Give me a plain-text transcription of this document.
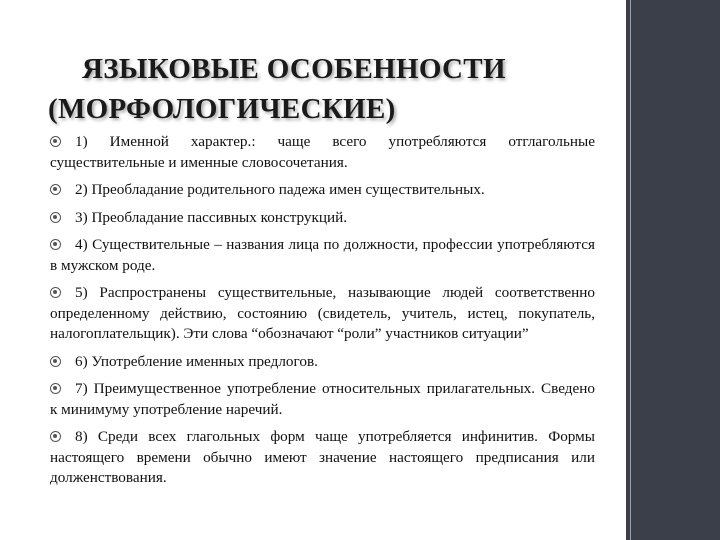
ЯЗЫКОВЫЕ ОСОБЕННОСТИ
(МОРФОЛОГИЧЕСКИЕ)

1) Именной характер.: чаще всего употребляются отглагольные существительные и именные словосочетания.

2) Преобладание родительного падежа имен существительных.

3) Преобладание пассивных конструкций.

4) Существительные – названия лица по должности, профессии употребляются в мужском роде.

5) Распространены существительные, называющие людей соответственно определенному действию, состоянию (свидетель, учитель, истец, покупатель, налогоплательщик). Эти слова “обозначают “роли” участников ситуации”

6) Употребление именных предлогов.

7) Преимущественное употребление относительных прилагательных. Сведено к минимуму употребление наречий.

8) Среди всех глагольных форм чаще употребляется инфинитив. Формы настоящего времени обычно имеют значение настоящего предписания или долженствования.
